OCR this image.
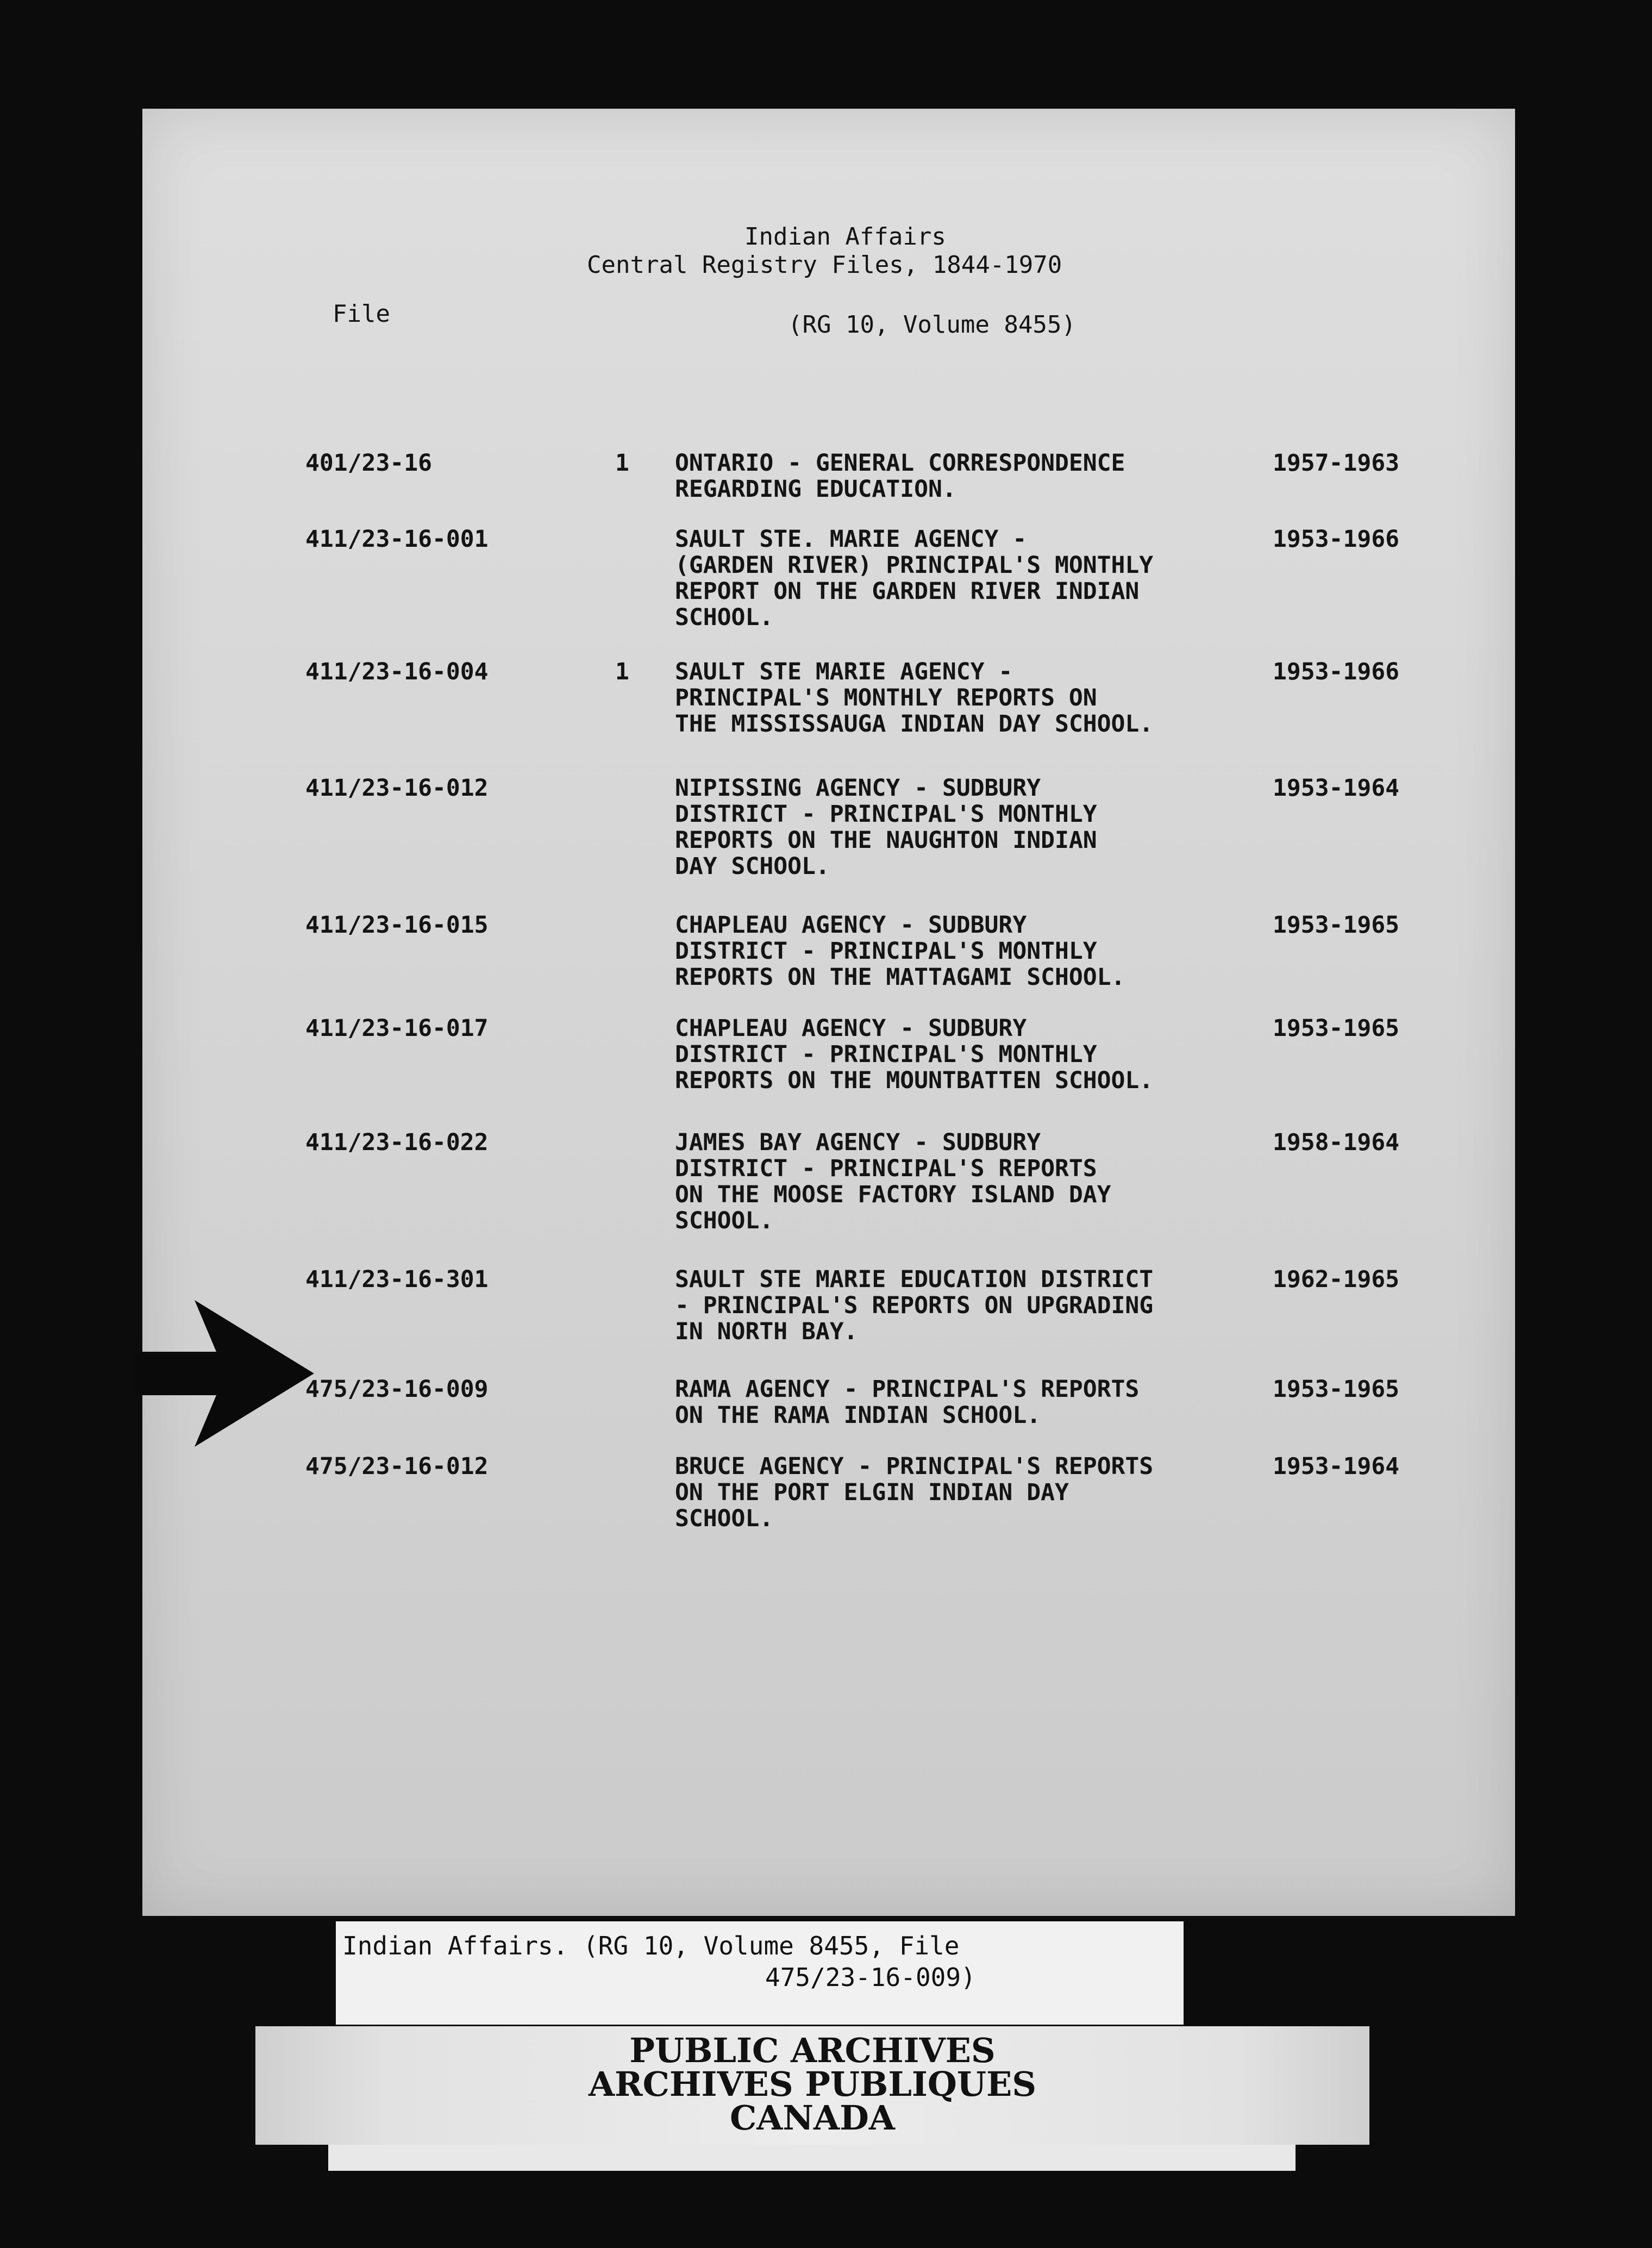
Indian Affairs
Central Registry Files, 1844-1970
File	(RG 10, Volume 8455)
401/23-16	1 ONTARIO - GENERAL CORRESPONDENCE
REGARDING EDUCATION.
1957-1963
411/23-16-001	SAULT STE. MARIE AGENCY -
(GARDEN RIVER) PRINCIPAL'S MONTHLY
REPORT ON THE GARDEN RIVER INDIAN
SCHOOL.
1953-1966
411/23-16-004	1 SAULT STE MARIE AGENCY -
PRINCIPAL'S MONTHLY REPORTS ON
THE MISSISSAUGA INDIAN DAY SCHOOL.
1953-1966
411/23-16-012	NIPISSING AGENCY - SUDBURY
DISTRICT - PRINCIPAL'S MONTHLY
REPORTS ON THE NAUGHTON INDIAN
DAY SCHOOL.
1953-1964
411/23-16-015	CHAPLEAU AGENCY - SUDBURY
DISTRICT - PRINCIPAL'S MONTHLY
REPORTS ON THE MATTAGAMI SCHOOL.
1953-1965
411/23-16-017	CHAPLEAU AGENCY - SUDBURY
DISTRICT - PRINCIPAL'S MONTHLY
REPORTS ON THE MOUNTBATTEN SCHOOL.
1953-1965
411/23-16-022	JAMES BAY AGENCY - SUDBURY
DISTRICT - PRINCIPAL'S REPORTS
ON THE MOOSE FACTORY ISLAND DAY
SCHOOL.
1958-1964
411/23-16-301	SAULT STE MARIE EDUCATION DISTRICT
- PRINCIPAL'S REPORTS ON UPGRADING
IN NORTH BAY.
1962-1965
475/23-16-009	RAMA AGENCY - PRINCIPAL'S REPORTS
ON THE RAMA INDIAN SCHOOL.
1953-1965
475/23-16-012	BRUCE AGENCY - PRINCIPAL'S REPORTS
ON THE PORT ELGIN INDIAN DAY
SCHOOL.
1953-1964
Indian Affairs. (RG 10, Volume 8455, File
475/23-16-009)
PUBLIC ARCHIVES
ARCHIVES PUBLIQUES
CANADA
